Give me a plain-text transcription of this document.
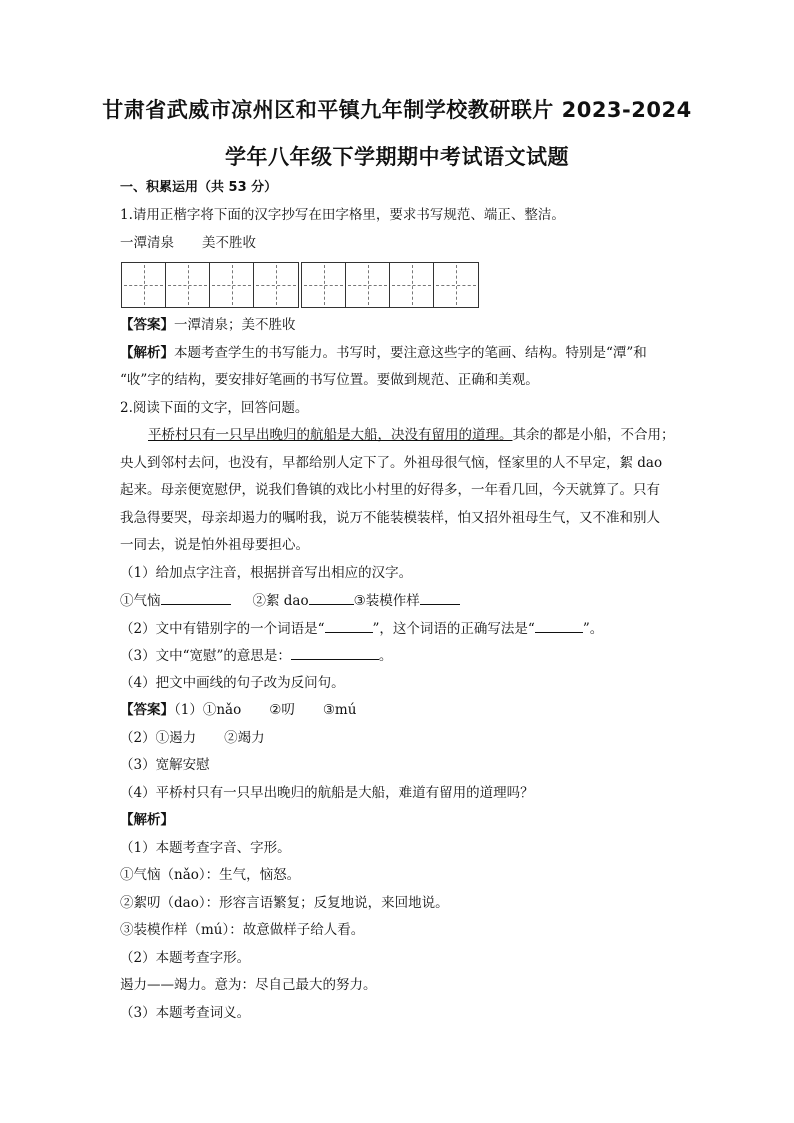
甘肃省武威市凉州区和平镇九年制学校教研联片 2023-2024
学年八年级下学期期中考试语文试题
一、积累运用（共 53 分）
1.请用正楷字将下面的汉字抄写在田字格里，要求书写规范、端正、整洁。
一潭清泉 美不胜收
【答案】一潭清泉；美不胜收
【解析】本题考查学生的书写能力。书写时，要注意这些字的笔画、结构。特别是“潭”和
“收”字的结构，要安排好笔画的书写位置。要做到规范、正确和美观。
2.阅读下面的文字，回答问题。
平桥村只有一只早出晚归的航船是大船，决没有留用的道理。其余的都是小船，不合用；
央人到邻村去问，也没有，早都给别人定下了。外祖母很气恼，怪家里的人不早定，絮 dao
起来。母亲便宽慰伊，说我们鲁镇的戏比小村里的好得多，一年看几回，今天就算了。只有
我急得要哭，母亲却遏力的嘱咐我，说万不能装模装样，怕又招外祖母生气，又不准和别人
一同去，说是怕外祖母要担心。
（1）给加点字注音，根据拼音写出相应的汉字。
①气恼	②絮 dao	③装模作样
（2）文中有错别字的一个词语是“	”，这个词语的正确写法是“	”。
（3）文中“宽慰”的意思是：	。
（4）把文中画线的句子改为反问句。
【答案】（1）①nǎo ②叨 ③mú
（2）①遏力 ②竭力
（3）宽解安慰
（4）平桥村只有一只早出晚归的航船是大船，难道有留用的道理吗？
【解析】
（1）本题考查字音、字形。
①气恼（nǎo）：生气，恼怒。
②絮叨（dao）：形容言语繁复；反复地说，来回地说。
③装模作样（mú）：故意做样子给人看。
（2）本题考查字形。
遏力——竭力。意为：尽自己最大的努力。
（3）本题考查词义。
